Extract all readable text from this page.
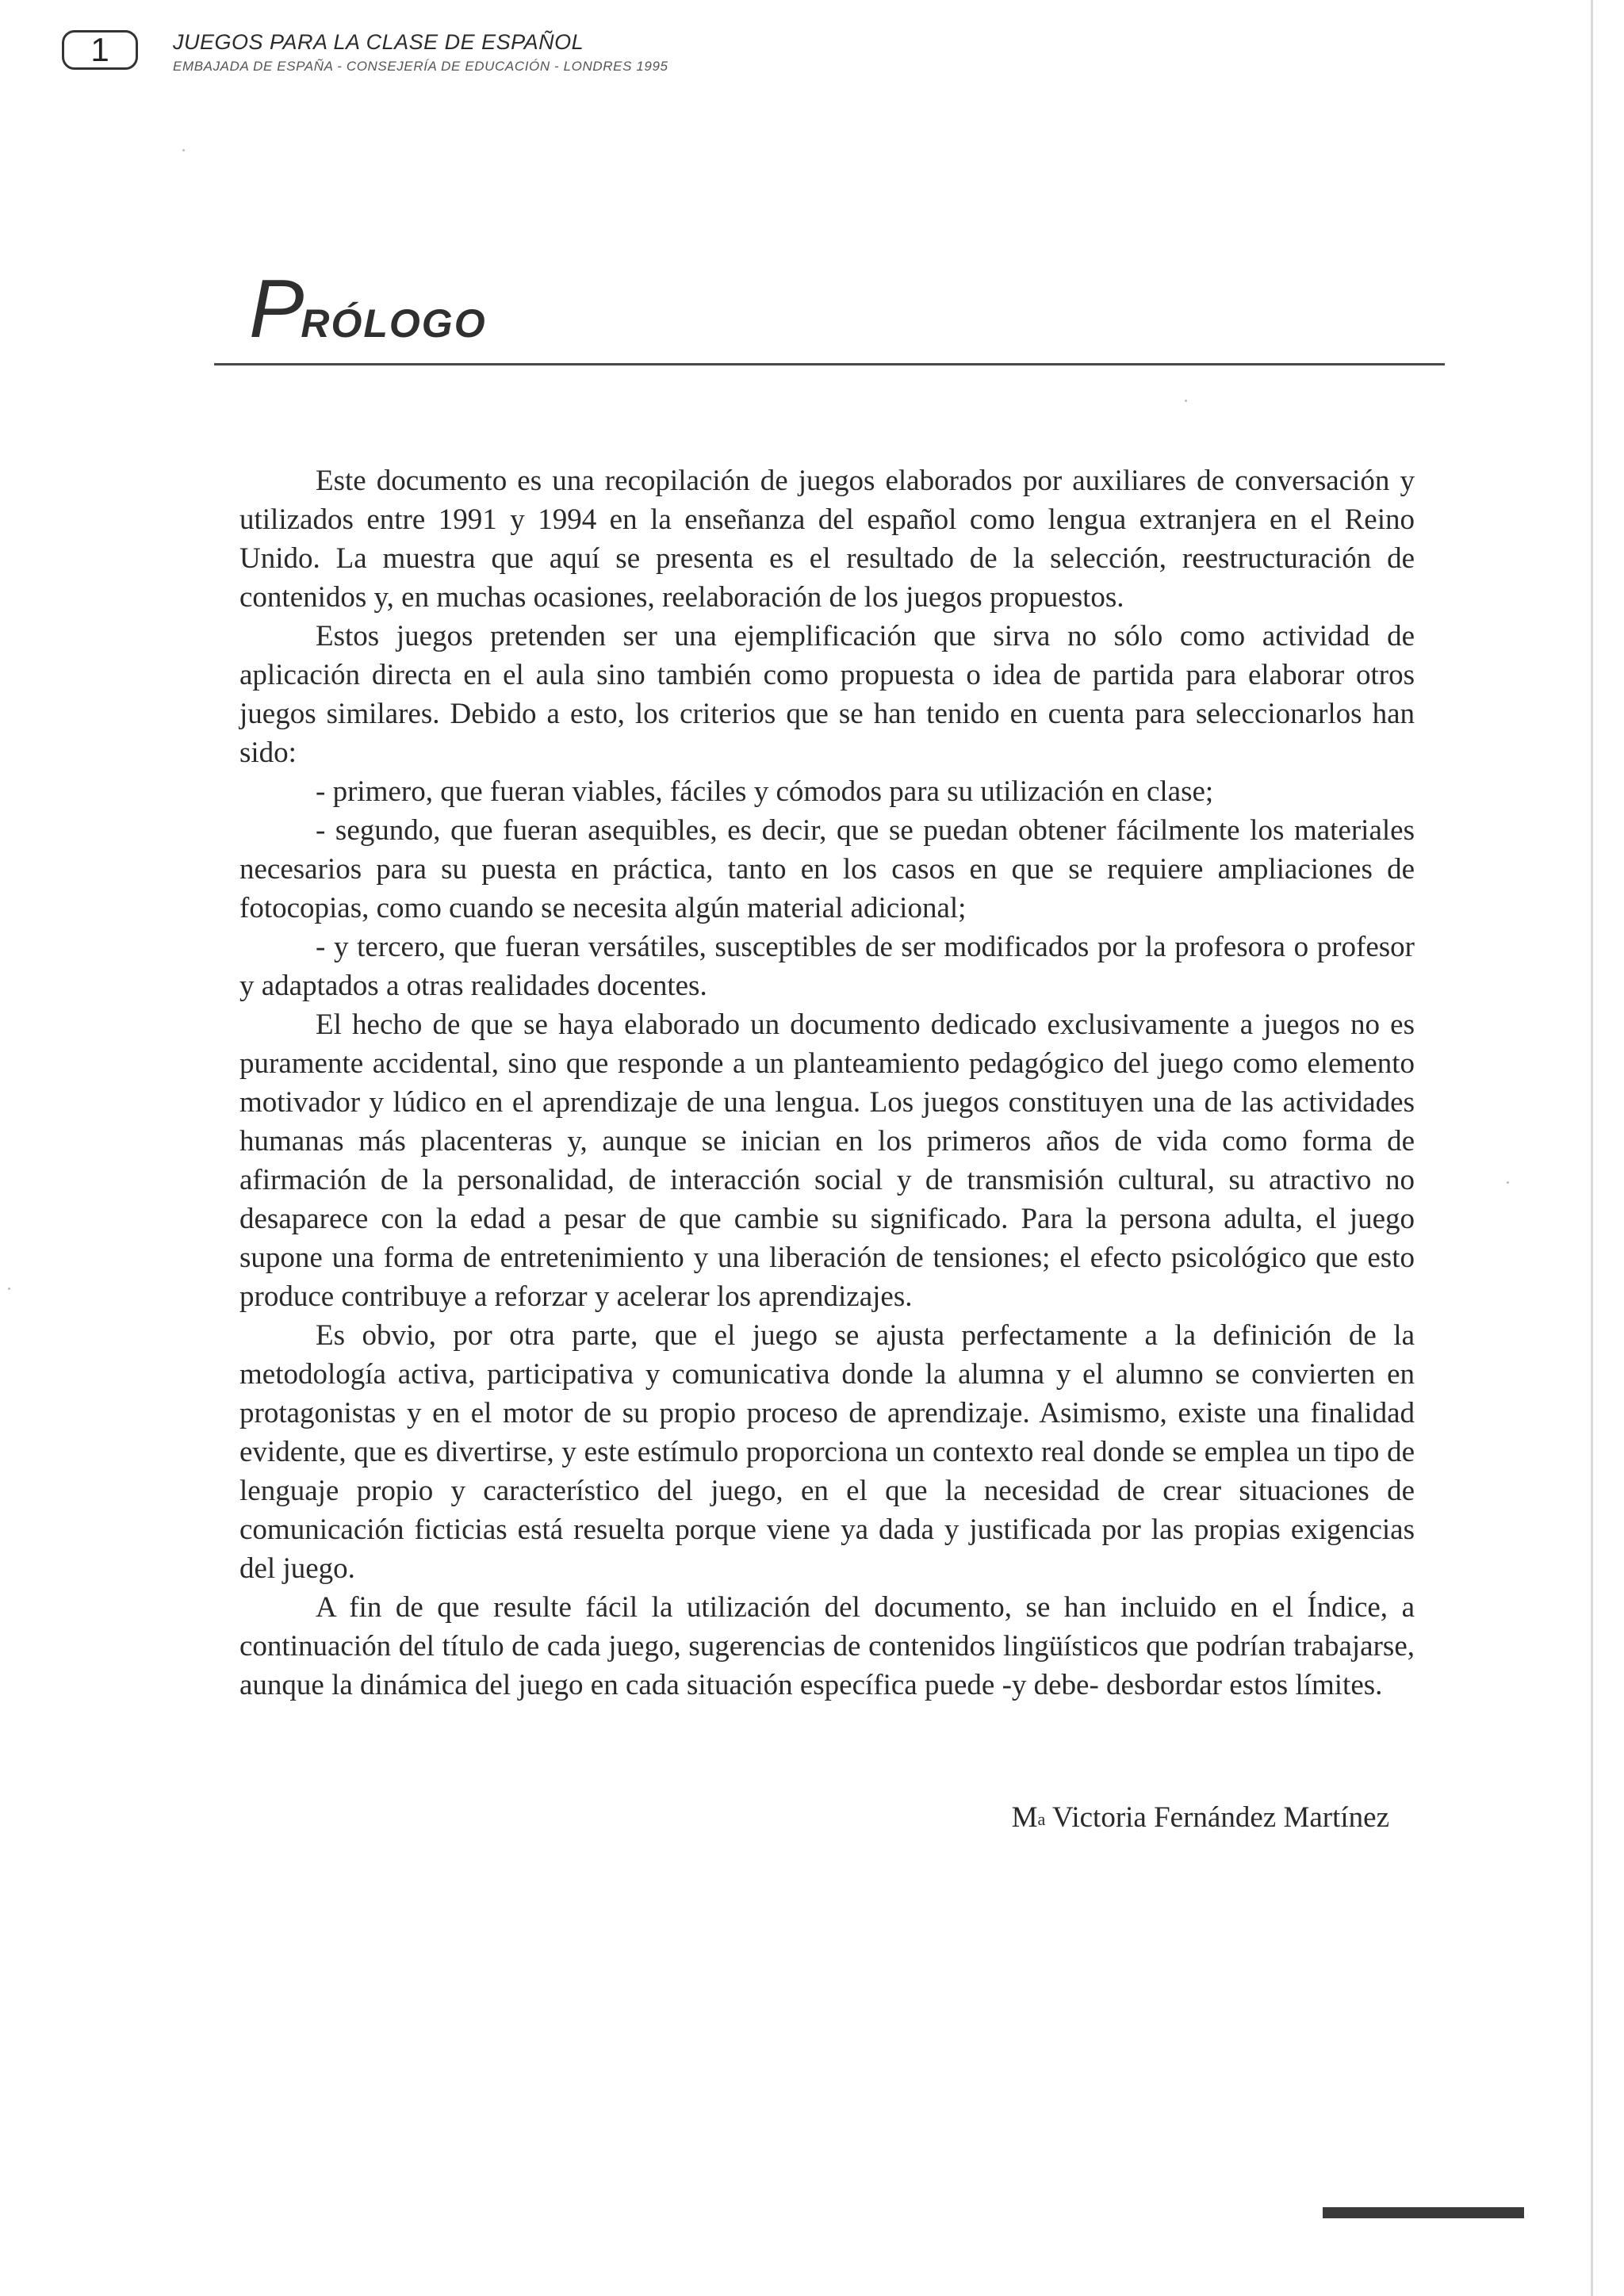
1	JUEGOS PARA LA CLASE DE ESPAÑOL
EMBAJADA DE ESPAÑA - CONSEJERÍA DE EDUCACIÓN - LONDRES 1995
PRÓLOGO

Este documento es una recopilación de juegos elaborados por auxiliares de conversación y utilizados entre 1991 y 1994 en la enseñanza del español como lengua extranjera en el Reino Unido. La muestra que aquí se presenta es el resultado de la selección, reestructuración de contenidos y, en muchas ocasiones, reelaboración de los juegos propuestos.

Estos juegos pretenden ser una ejemplificación que sirva no sólo como actividad de aplicación directa en el aula sino también como propuesta o idea de partida para elaborar otros juegos similares. Debido a esto, los criterios que se han tenido en cuenta para seleccionarlos han sido:

- primero, que fueran viables, fáciles y cómodos para su utilización en clase;

- segundo, que fueran asequibles, es decir, que se puedan obtener fácilmente los materiales necesarios para su puesta en práctica, tanto en los casos en que se requiere ampliaciones de fotocopias, como cuando se necesita algún material adicional;

- y tercero, que fueran versátiles, susceptibles de ser modificados por la profesora o profesor y adaptados a otras realidades docentes.

El hecho de que se haya elaborado un documento dedicado exclusivamente a juegos no es puramente accidental, sino que responde a un planteamiento pedagógico del juego como elemento motivador y lúdico en el aprendizaje de una lengua. Los juegos constituyen una de las actividades humanas más placenteras y, aunque se inician en los primeros años de vida como forma de afirmación de la personalidad, de interacción social y de transmisión cultural, su atractivo no desaparece con la edad a pesar de que cambie su significado. Para la persona adulta, el juego supone una forma de entretenimiento y una liberación de tensiones; el efecto psicológico que esto produce contribuye a reforzar y acelerar los aprendizajes.

Es obvio, por otra parte, que el juego se ajusta perfectamente a la definición de la metodología activa, participativa y comunicativa donde la alumna y el alumno se convierten en protagonistas y en el motor de su propio proceso de aprendizaje. Asimismo, existe una finalidad evidente, que es divertirse, y este estímulo proporciona un contexto real donde se emplea un tipo de lenguaje propio y característico del juego, en el que la necesidad de crear situaciones de comunicación ficticias está resuelta porque viene ya dada y justificada por las propias exigencias del juego.

A fin de que resulte fácil la utilización del documento, se han incluido en el Índice, a continuación del título de cada juego, sugerencias de contenidos lingüísticos que podrían trabajarse, aunque la dinámica del juego en cada situación específica puede -y debe- desbordar estos límites.

$M^a$ Victoria Fernández Martínez
